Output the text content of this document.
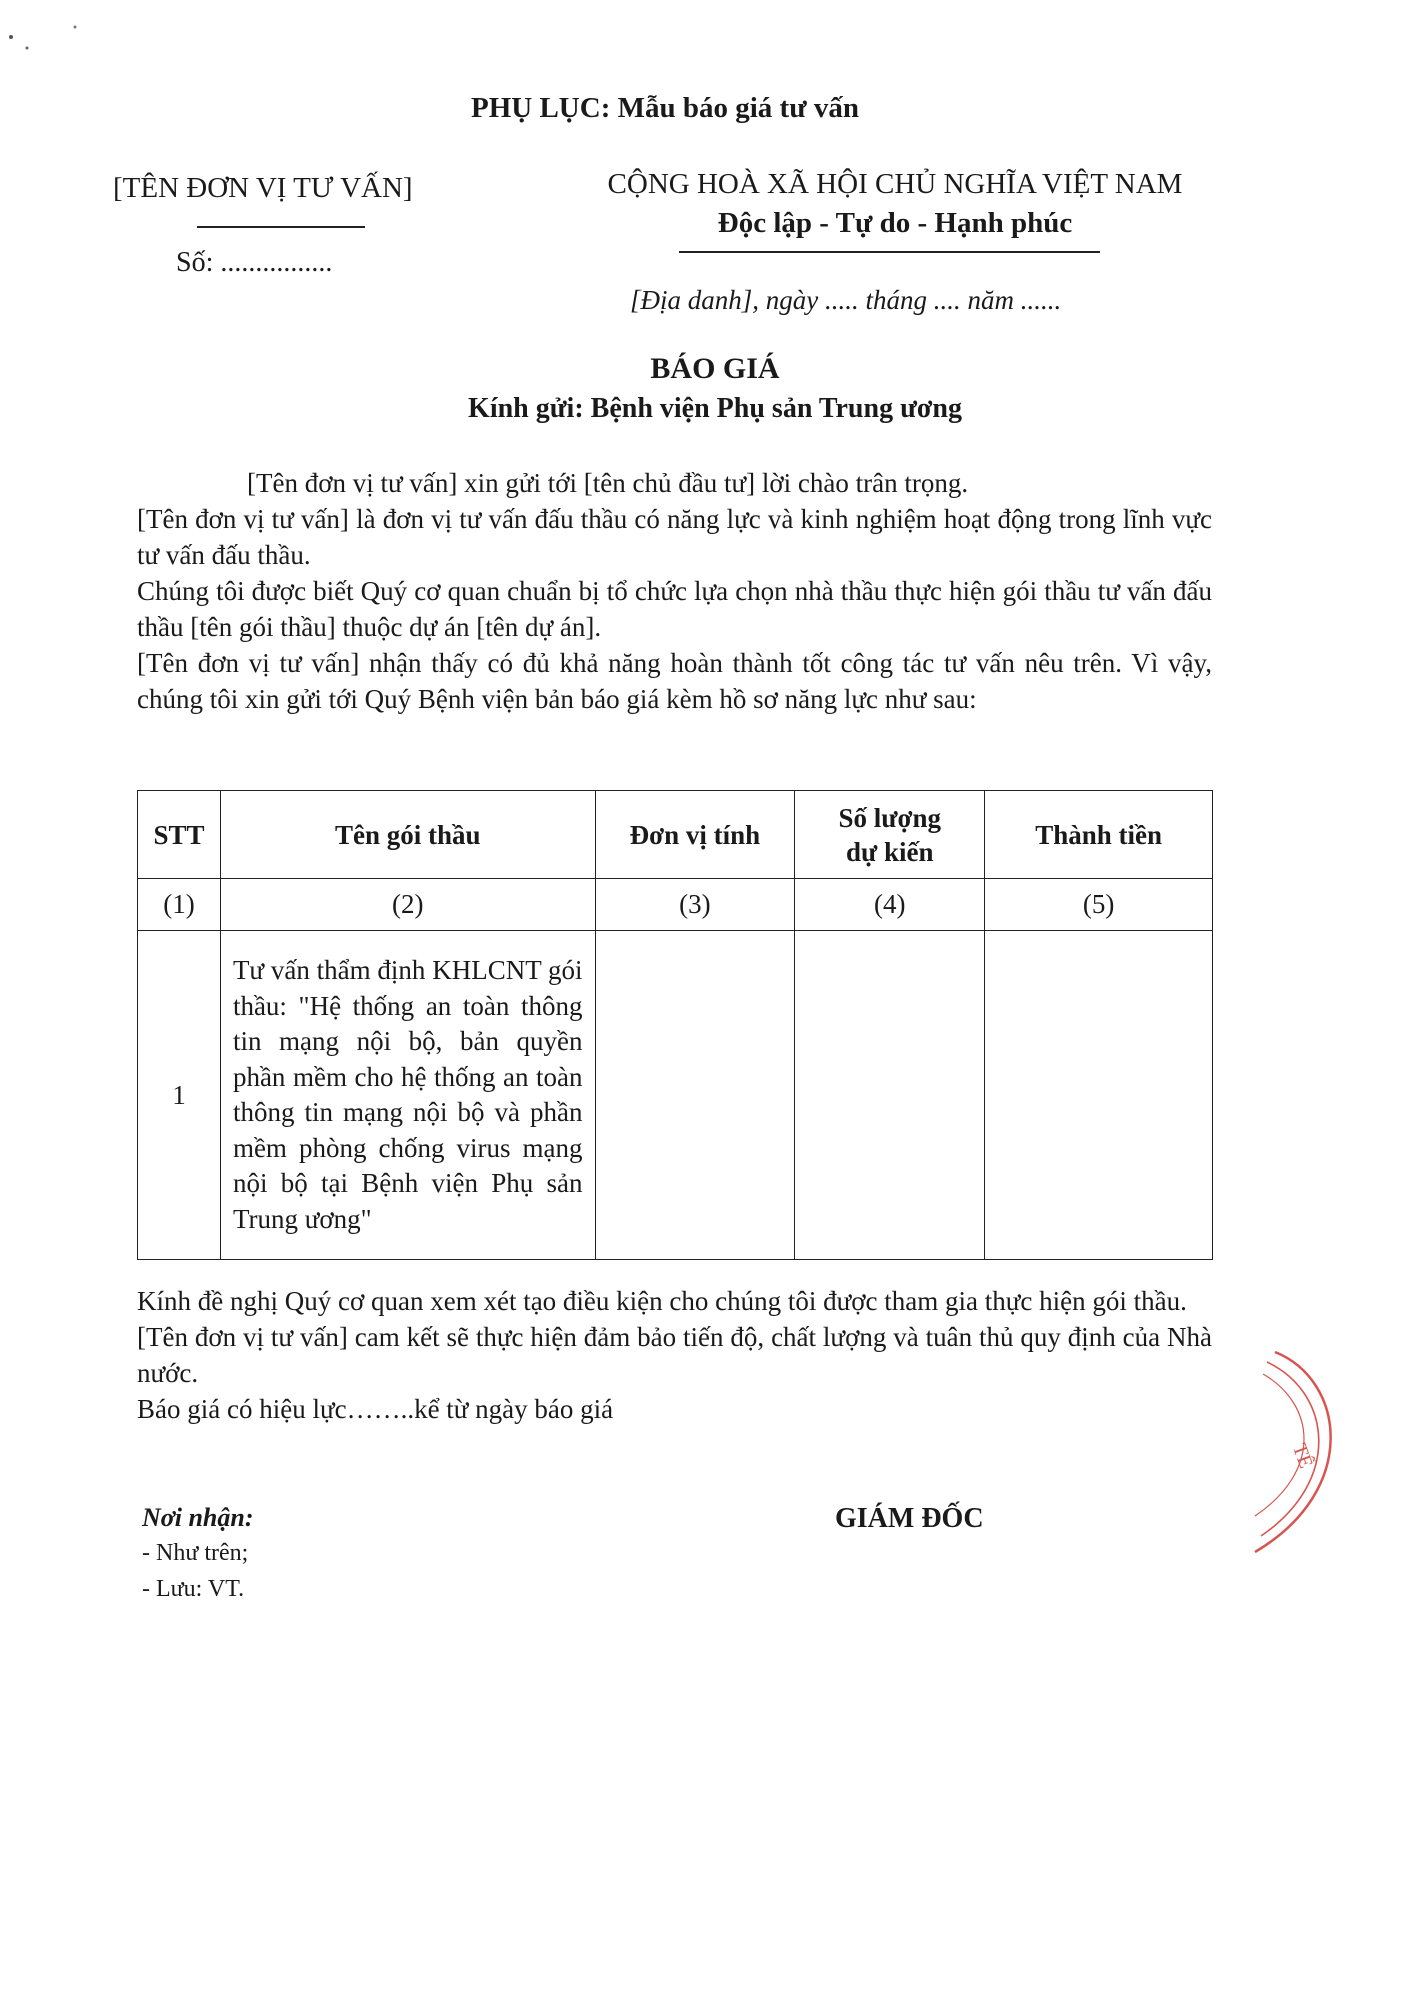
PHỤ LỤC: Mẫu báo giá tư vấn
[TÊN ĐƠN VỊ TƯ VẤN]
Số: ................
CỘNG HOÀ XÃ HỘI CHỦ NGHĨA VIỆT NAM
Độc lập - Tự do - Hạnh phúc
[Địa danh], ngày ..... tháng .... năm ......
BÁO GIÁ
Kính gửi: Bệnh viện Phụ sản Trung ương

[Tên đơn vị tư vấn] xin gửi tới [tên chủ đầu tư] lời chào trân trọng.

[Tên đơn vị tư vấn] là đơn vị tư vấn đấu thầu có năng lực và kinh nghiệm hoạt động trong lĩnh vực tư vấn đấu thầu.

Chúng tôi được biết Quý cơ quan chuẩn bị tổ chức lựa chọn nhà thầu thực hiện gói thầu tư vấn đấu thầu [tên gói thầu] thuộc dự án [tên dự án].

[Tên đơn vị tư vấn] nhận thấy có đủ khả năng hoàn thành tốt công tác tư vấn nêu trên. Vì vậy, chúng tôi xin gửi tới Quý Bệnh viện bản báo giá kèm hồ sơ năng lực như sau:

STT	Tên gói thầu	Đơn vị tính	Số lượng dự kiến	Thành tiền
(1)	(2)	(3)	(4)	(5)
1	Tư vấn thẩm định KHLCNT gói thầu: "Hệ thống an toàn thông tin mạng nội bộ, bản quyền phần mềm cho hệ thống an toàn thông tin mạng nội bộ và phần mềm phòng chống virus mạng nội bộ tại Bệnh viện Phụ sản Trung ương"			

Kính đề nghị Quý cơ quan xem xét tạo điều kiện cho chúng tôi được tham gia thực hiện gói thầu.

[Tên đơn vị tư vấn] cam kết sẽ thực hiện đảm bảo tiến độ, chất lượng và tuân thủ quy định của Nhà nước.

Báo giá có hiệu lực……..kể từ ngày báo giá

Nơi nhận:
- Như trên;
- Lưu: VT.
GIÁM ĐỐC
TẾ
